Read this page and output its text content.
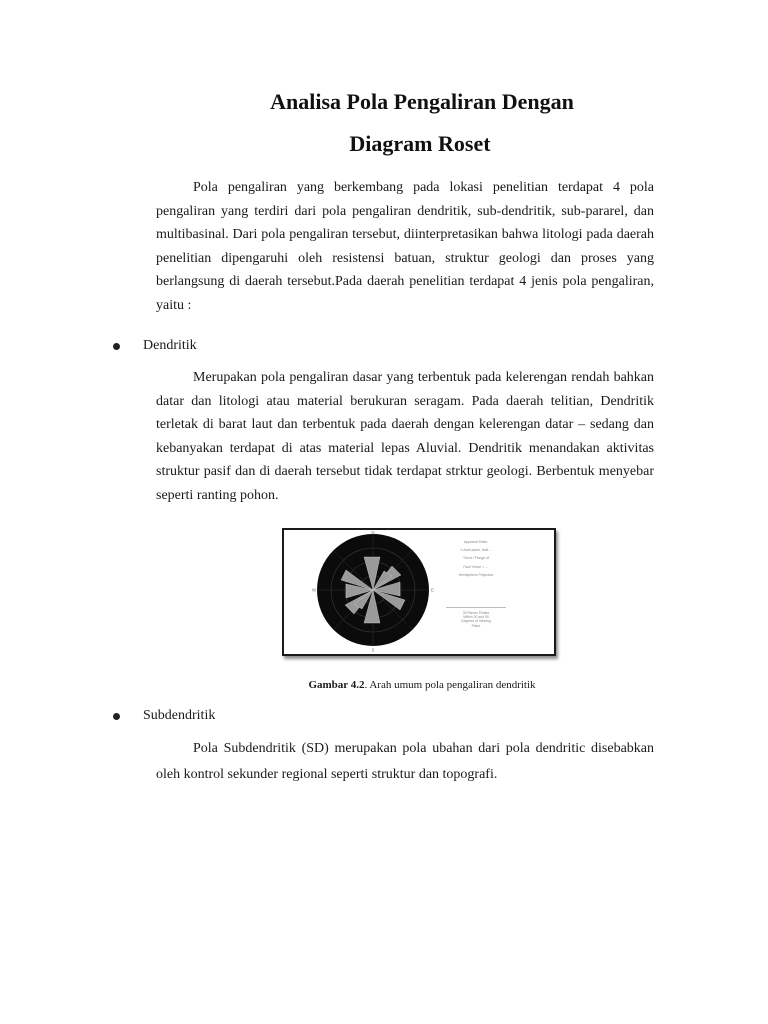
Analisa Pola Pengaliran Dengan
Diagram Roset
Pola pengaliran yang berkembang pada lokasi penelitian terdapat 4 pola pengaliran yang terdiri dari pola pengaliran dendritik, sub-dendritik, sub-pararel, dan multibasinal. Dari pola pengaliran tersebut, diinterpretasikan bahwa litologi pada daerah penelitian dipengaruhi oleh resistensi batuan, struktur geologi dan proses yang berlangsung di daerah tersebut.Pada daerah penelitian terdapat 4 jenis pola pengaliran, yaitu :
Dendritik
Merupakan pola pengaliran dasar yang terbentuk pada kelerengan rendah bahkan datar dan litologi atau material berukuran seragam. Pada daerah telitian, Dendritik terletak di barat laut dan terbentuk pada daerah dengan kelerengan datar – sedang dan kebanyakan terdapat di atas material lepas Aluvial. Dendritik menandakan aktivitas struktur pasif dan di daerah tersebut tidak terdapat strktur geologi. Berbentuk menyebar seperti ranting pohon.
N
S
W	E
Apparent Strike:
X Axial plane, fault…
Trend / Plunge of
Fault Vector = …
Hemispheric Projection
30 Planes Plotted
Within 30 and 90
Degrees of Viewing
Plane
Gambar 4.2. Arah umum pola pengaliran dendritik
Subdendritik
Pola Subdendritik (SD) merupakan pola ubahan dari pola dendritic disebabkan oleh kontrol sekunder regional seperti struktur dan topografi.
